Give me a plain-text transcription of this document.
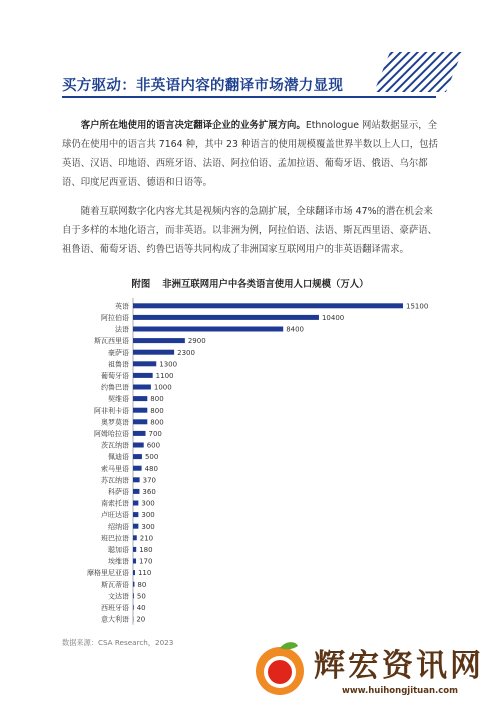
买方驱动：非英语内容的翻译市场潜力显现

客户所在地使用的语言决定翻译企业的业务扩展方向。Ethnologue 网站数据显示，全球仍在使用中的语言共 7164 种，其中 23 种语言的使用规模覆盖世界半数以上人口，包括英语、汉语、印地语、西班牙语、法语、阿拉伯语、孟加拉语、葡萄牙语、俄语、乌尔都语、印度尼西亚语、德语和日语等。

随着互联网数字化内容尤其是视频内容的急剧扩展，全球翻译市场 47%的潜在机会来自于多样的本地化语言，而非英语。以非洲为例，阿拉伯语、法语、斯瓦西里语、豪萨语、祖鲁语、葡萄牙语、约鲁巴语等共同构成了非洲国家互联网用户的非英语翻译需求。

附图 非洲互联网用户中各类语言使用人口规模（万人）
英语	15100
阿拉伯语	10400
法语	8400
斯瓦西里语	2900
豪萨语	2300
祖鲁语	1300
葡萄牙语	1100
约鲁巴语	1000
契维语	800
阿非利卡语	800
奥罗莫语	800
阿姆哈拉语	700
茨瓦纳语	600
佩迪语 500
索马里语 480
苏瓦纳语 370
科萨语 360
南索托语 300
卢旺达语 300
绍纳语 300
班巴拉语 210
聪加语 180
埃维语 170
摩格里尼亚语 110
斯瓦蒂语 80
文达语 50
西班牙语 40
意大利语 20
数据来源：CSA Research，2023
辉宏资讯网
www.huihongjituan.com
